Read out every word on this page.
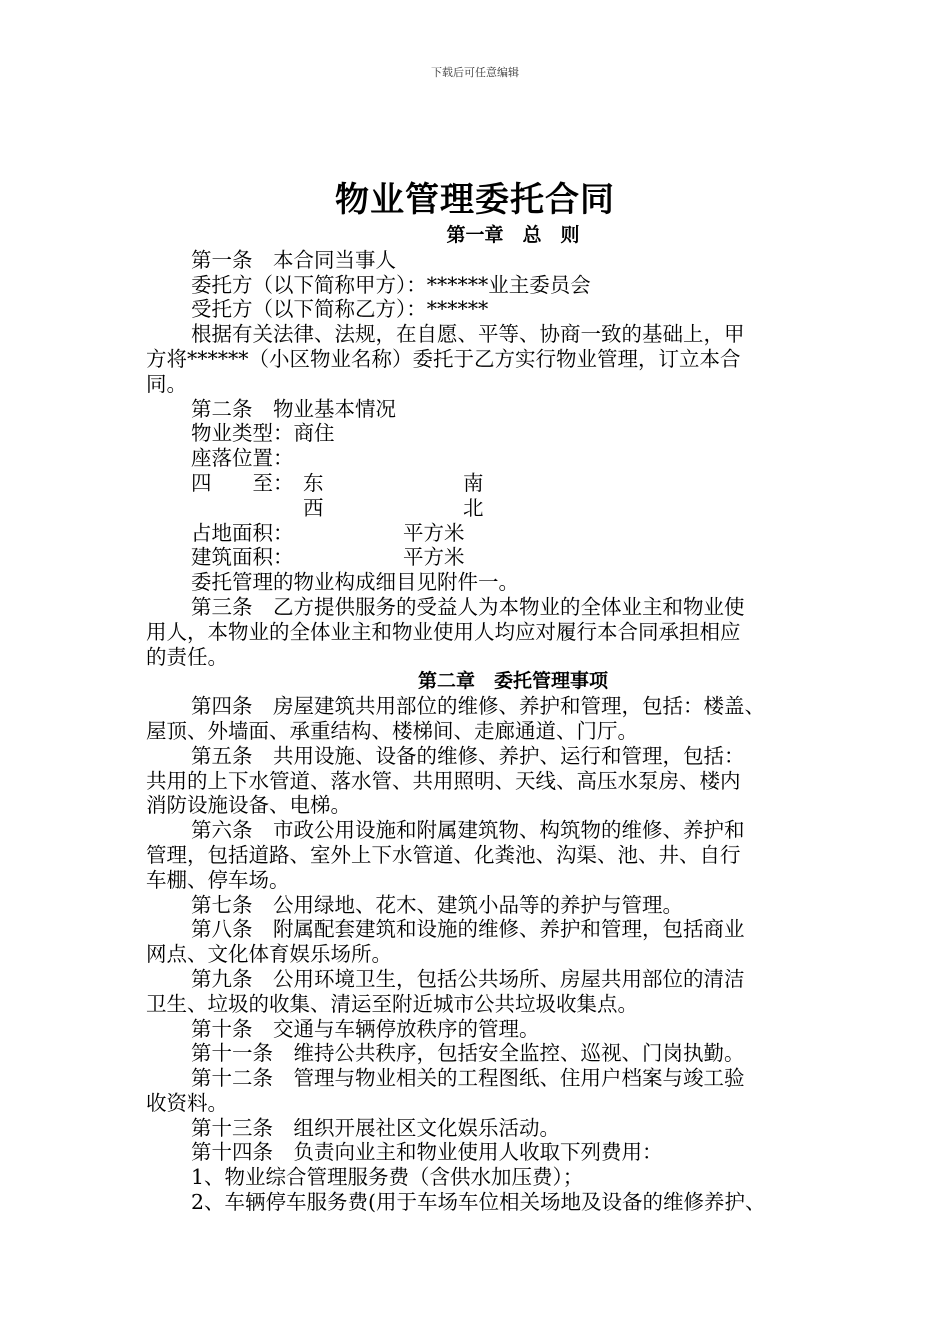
下载后可任意编辑
物业管理委托合同
第一章　总　则
第一条　本合同当事人
委托方（以下简称甲方）：******业主委员会
受托方（以下简称乙方）：******
根据有关法律、法规，在自愿、平等、协商一致的基础上，甲
方将******（小区物业名称）委托于乙方实行物业管理，订立本合
同。
第二条　物业基本情况
物业类型：商住
座落位置：
四　　至： 东	南
西	北
占地面积：	平方米
建筑面积：	平方米
委托管理的物业构成细目见附件一。
第三条　乙方提供服务的受益人为本物业的全体业主和物业使
用人，本物业的全体业主和物业使用人均应对履行本合同承担相应
的责任。
第二章　委托管理事项
第四条　房屋建筑共用部位的维修、养护和管理，包括：楼盖、
屋顶、外墙面、承重结构、楼梯间、走廊通道、门厅。
第五条　共用设施、设备的维修、养护、运行和管理，包括：
共用的上下水管道、落水管、共用照明、天线、高压水泵房、楼内
消防设施设备、电梯。
第六条　市政公用设施和附属建筑物、构筑物的维修、养护和
管理，包括道路、室外上下水管道、化粪池、沟渠、池、井、自行
车棚、停车场。
第七条　公用绿地、花木、建筑小品等的养护与管理。
第八条　附属配套建筑和设施的维修、养护和管理，包括商业
网点、文化体育娱乐场所。
第九条　公用环境卫生，包括公共场所、房屋共用部位的清洁
卫生、垃圾的收集、清运至附近城市公共垃圾收集点。
第十条　交通与车辆停放秩序的管理。
第十一条　维持公共秩序，包括安全监控、巡视、门岗执勤。
第十二条　管理与物业相关的工程图纸、住用户档案与竣工验
收资料。
第十三条　组织开展社区文化娱乐活动。
第十四条　负责向业主和物业使用人收取下列费用：
1、物业综合管理服务费（含供水加压费）；
2、车辆停车服务费(用于车场车位相关场地及设备的维修养护、
